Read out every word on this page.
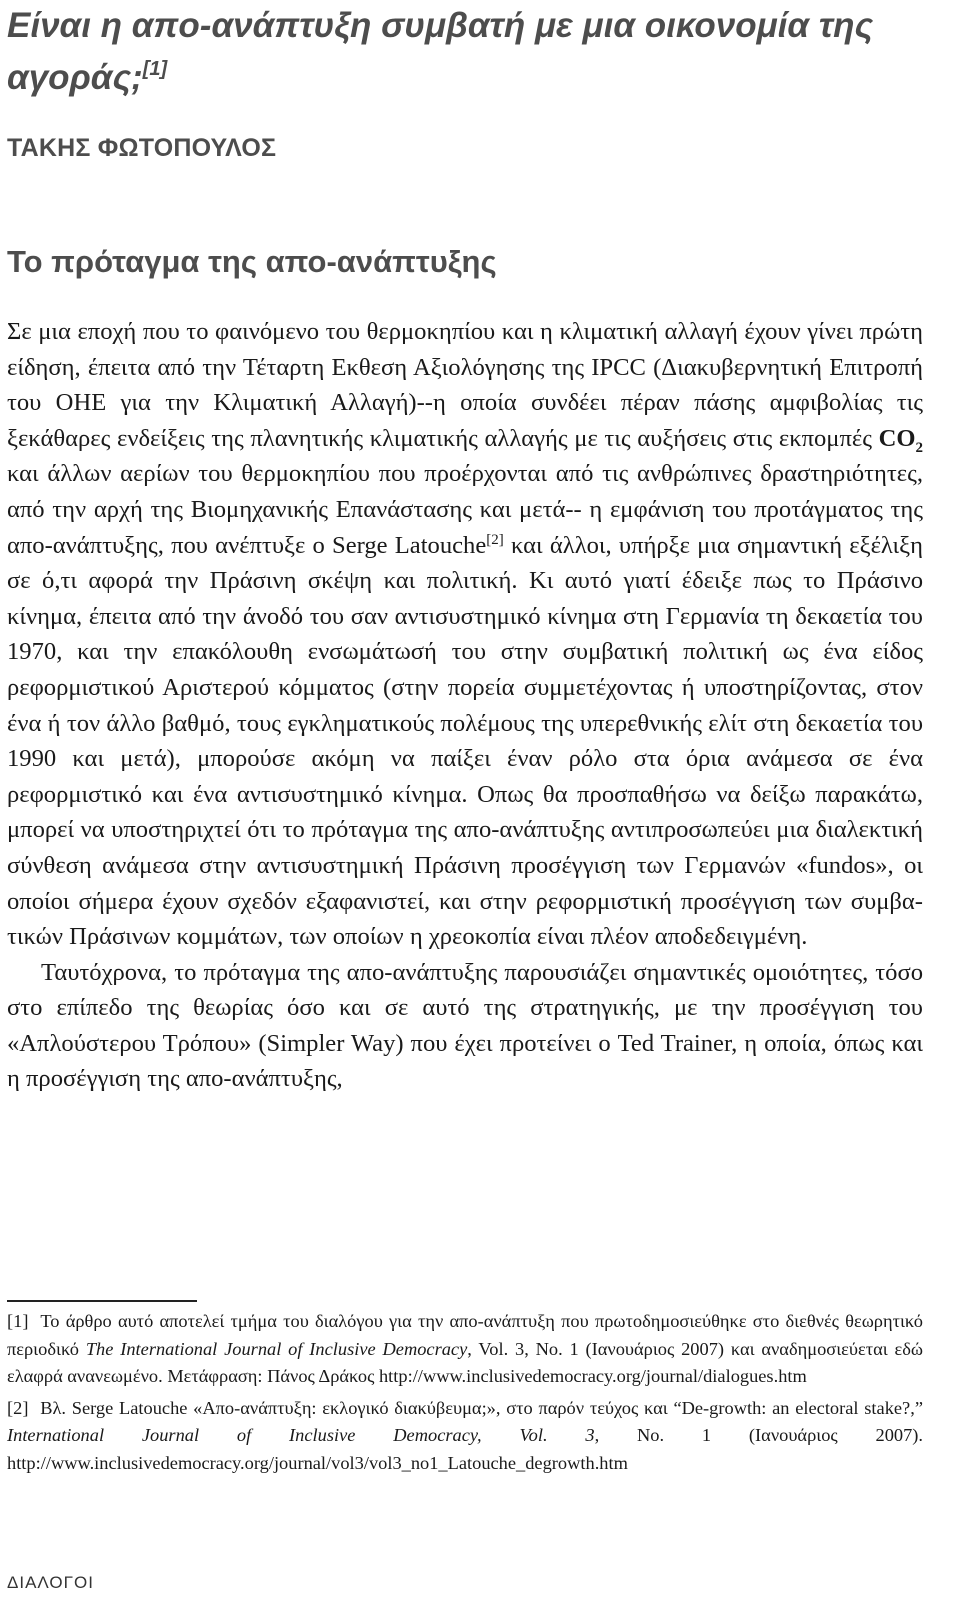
Είναι η απο-ανάπτυξη συμβατή με μια οικονομία της αγοράς;[1]
ΤΑΚΗΣ ΦΩΤΟΠΟΥΛΟΣ
Το πρόταγμα της απο-ανάπτυξης

Σε μια εποχή που το φαινόμενο του θερμοκηπίου και η κλιματική αλλαγή έχουν γίνει πρώτη είδηση, έπειτα από την Τέταρτη Εκθεση Αξιολόγησης της IPCC (Διακυβερνητική Επιτροπή του ΟΗΕ για την Κλιματική Αλλαγή)--η οποία συνδέει πέραν πάσης αμφιβολίας τις ξεκάθαρες ενδείξεις της πλανητικής κλιματικής αλλαγής με τις αυξήσεις στις εκπομπές $CO_2$ και άλλων αερίων του θερμοκηπίου που προέρχονται από τις ανθρώπινες δραστηριότητες, από την αρχή της Βιομηχανικής Επανάστασης και μετά-- η εμφάνιση του προτάγματος της απο-ανάπτυξης, που ανέπτυξε ο Serge Latouche[2] και άλλοι, υπήρξε μια σημαντική εξέλιξη σε ό,τι αφορά την Πράσινη σκέψη και πολιτική. Κι αυτό γιατί έδειξε πως το Πράσινο κίνημα, έπειτα από την άνοδό του σαν αντισυστημικό κίνημα στη Γερμανία τη δεκαετία του 1970, και την επακόλουθη ενσωμάτωσή του στην συμβατική πολιτική ως ένα είδος ρεφορμιστικού Αριστερού κόμματος (στην πορεία συμμετέχοντας ή υποστηρίζοντας, στον ένα ή τον άλλο βαθμό, τους εγκληματικούς πολέμους της υπερεθνικής ελίτ στη δεκαετία του 1990 και μετά), μπορούσε ακόμη να παίξει έναν ρόλο στα όρια ανάμεσα σε ένα ρεφορμιστικό και ένα αντισυστημικό κίνημα. Οπως θα προσπαθήσω να δείξω παρακάτω, μπορεί να υποστηριχτεί ότι το πρόταγμα της απο-ανάπτυξης αντιπροσωπεύει μια διαλεκτική σύνθεση ανάμεσα στην αντισυστημική Πράσινη προσέγγιση των Γερμανών «fundos», οι οποίοι σήμερα έχουν σχεδόν εξαφανιστεί, και στην ρεφορμιστική προσέγγιση των συμβατικών Πράσινων κομμάτων, των οποίων η χρεοκοπία είναι πλέον αποδεδειγμένη.

Ταυτόχρονα, το πρόταγμα της απο-ανάπτυξης παρουσιάζει σημαντικές ομοιότητες, τόσο στο επίπεδο της θεωρίας όσο και σε αυτό της στρατηγικής, με την προσέγγιση του «Απλούστερου Τρόπου» (Simpler Way) που έχει προτείνει ο Ted Trainer, η οποία, όπως και η προσέγγιση της απο-ανάπτυξης,

[1] Το άρθρο αυτό αποτελεί τμήμα του διαλόγου για την απο-ανάπτυξη που πρωτοδημοσιεύθηκε στο διεθνές θεωρητικό περιοδικό The International Journal of Inclusive Democracy, Vol. 3, No. 1 (Ιανουάριος 2007) και αναδημοσιεύεται εδώ ελαφρά ανανεωμένο. Μετάφραση: Πάνος Δράκος http://www.inclusivedemocracy.org/journal/dialogues.htm

[2] Βλ. Serge Latouche «Απο-ανάπτυξη: εκλογικό διακύβευμα;», στο παρόν τεύχος και “De-growth: an electoral stake?,” International Journal of Inclusive Democracy, Vol. 3, No. 1 (Ιανουάριος 2007). http://www.inclusivedemocracy.org/journal/vol3/vol3_no1_Latouche_degrowth.htm

ΔΙΑΛΟΓΟΙ
